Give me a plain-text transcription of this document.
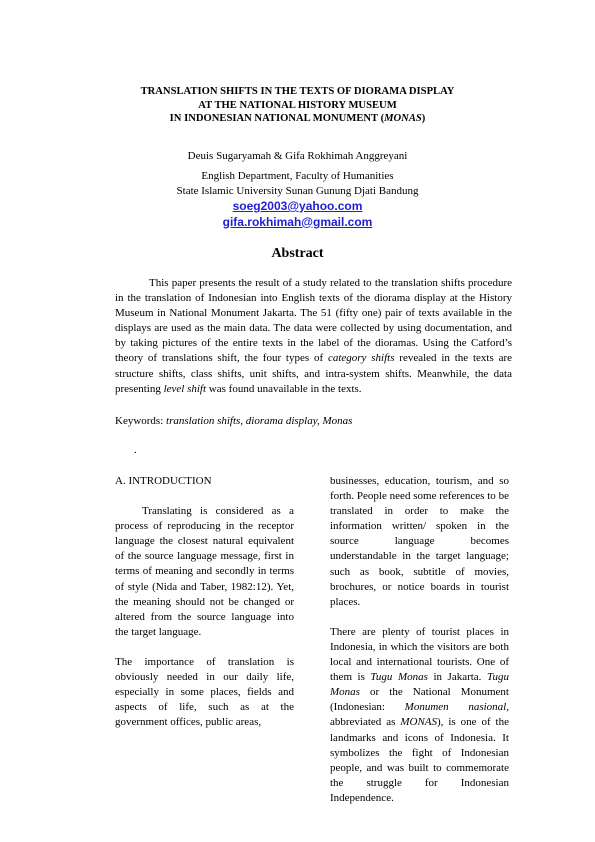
TRANSLATION SHIFTS IN THE TEXTS OF DIORAMA DISPLAY
AT THE NATIONAL HISTORY MUSEUM
IN INDONESIAN NATIONAL MONUMENT (MONAS)
Deuis Sugaryamah & Gifa Rokhimah Anggreyani
English Department, Faculty of Humanities
State Islamic University Sunan Gunung Djati Bandung
soeg2003@yahoo.com
gifa.rokhimah@gmail.com
Abstract

This paper presents the result of a study related to the translation shifts procedure in the translation of Indonesian into English texts of the diorama display at the History Museum in National Monument Jakarta. The 51 (fifty one) pair of texts available in the displays are used as the main data. The data were collected by using documentation, and by taking pictures of the entire texts in the label of the dioramas. Using the Catford’s theory of translations shift, the four types of category shifts revealed in the texts are structure shifts, class shifts, unit shifts, and intra-system shifts. Meanwhile, the data presenting level shift was found unavailable in the texts.

Keywords: translation shifts, diorama display, Monas
.
A. INTRODUCTION

Translating is considered as a process of reproducing in the receptor language the closest natural equivalent of the source language message, first in terms of meaning and secondly in terms of style (Nida and Taber, 1982:12). Yet, the meaning should not be changed or altered from the source language into the target language.

The importance of translation is obviously needed in our daily life, especially in some places, fields and aspects of life, such as at the government offices, public areas,

businesses, education, tourism, and so forth. People need some references to be translated in order to make the information written/ spoken in the source language becomes understandable in the target language; such as book, subtitle of movies, brochures, or notice boards in tourist places.

There are plenty of tourist places in Indonesia, in which the visitors are both local and international tourists. One of them is Tugu Monas in Jakarta. Tugu Monas or the National Monument (Indonesian: Monumen nasional, abbreviated as MONAS), is one of the landmarks and icons of Indonesia. It symbolizes the fight of Indonesian people, and was built to commemorate the struggle for Indonesian Independence.
